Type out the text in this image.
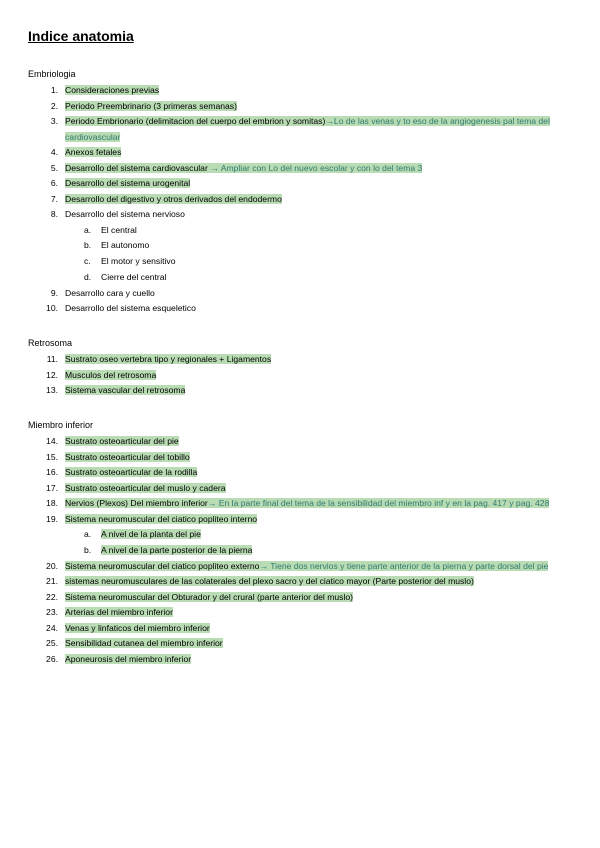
Indice anatomia
Embriologia
1. Consideraciones previas
2. Periodo Preembrinario (3 primeras semanas)
3. Periodo Embrionario (delimitacion del cuerpo del embrion y somitas)→Lo de las venas y to eso de la angiogenesis pal tema del cardiovascular
4. Anexos fetales
5. Desarrollo del sistema cardiovascular → Ampliar con Lo del nuevo escolar y con lo del tema 3
6. Desarrollo del sistema urogenital
7. Desarrollo del digestivo y otros derivados del endodermo
8. Desarrollo del sistema nervioso
a.	El central
b.	El autonomo
c.	El motor y sensitivo
d.	Cierre del central
9. Desarrollo cara y cuello
10. Desarrollo del sistema esqueletico
Retrosoma
11. Sustrato oseo vertebra tipo y regionales + Ligamentos
12. Musculos del retrosoma
13. Sistema vascular del retrosoma
Miembro inferior
14. Sustrato osteoarticular del pie
15. Sustrato osteoarticular del tobillo
16. Sustrato osteoarticular de la rodilla
17. Sustrato osteoarticular del muslo y cadera
18. Nervios (Plexos) Del miembro inferior→ En la parte final del tema de la sensibilidad del miembro inf y en la pag. 417 y pag. 428
19. Sistema neuromuscular del ciatico popliteo interno
a.	A nivel de la planta del pie
b.	A nivel de la parte posterior de la pierna
20. Sistema neuromuscular del ciatico popliteo externo→ Tiene dos nervios y tiene parte anterior de la pierna y parte dorsal del pie
21. sistemas neuromusculares de las colaterales del plexo sacro y del ciatico mayor (Parte posterior del muslo)
22. Sistema neuromuscular del Obturador y del crural (parte anterior del muslo)
23. Arterias del miembro inferior
24. Venas y linfaticos del miembro inferior
25. Sensibilidad cutanea del miembro inferior
26. Aponeurosis del miembro inferior
